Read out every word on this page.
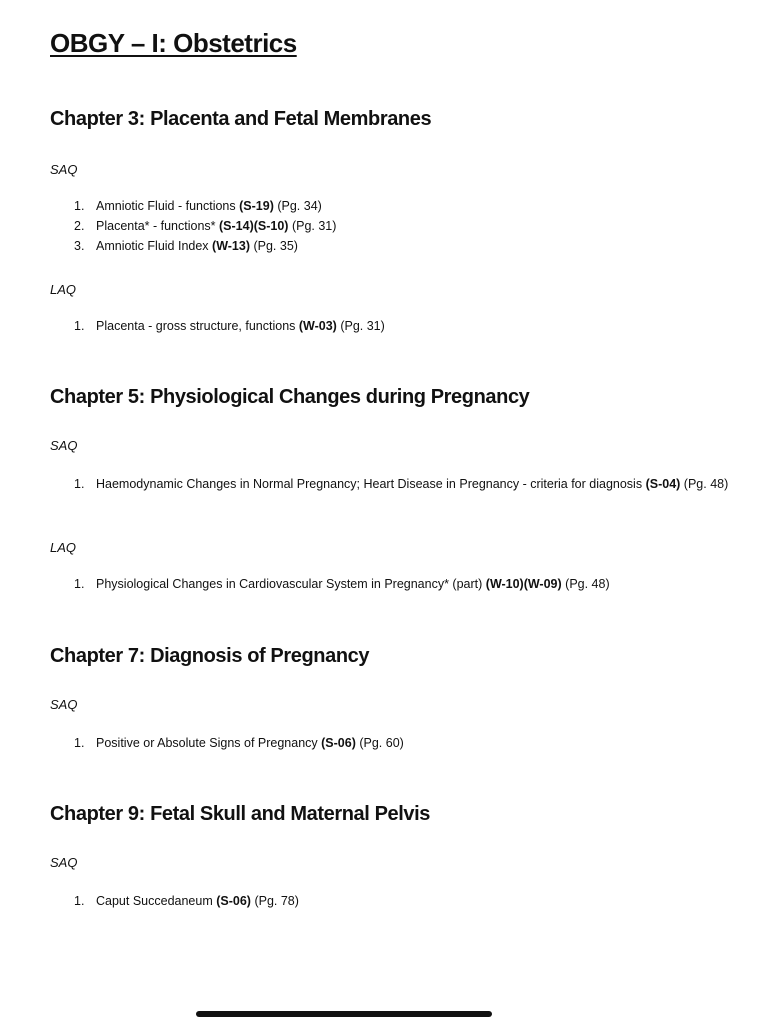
OBGY – I: Obstetrics
Chapter 3: Placenta and Fetal Membranes

SAQ

1. Amniotic Fluid - functions (S-19) (Pg. 34)
2. Placenta* - functions* (S-14)(S-10) (Pg. 31)
3. Amniotic Fluid Index (W-13) (Pg. 35)

LAQ

1. Placenta - gross structure, functions (W-03) (Pg. 31)
Chapter 5: Physiological Changes during Pregnancy

SAQ

1. Haemodynamic Changes in Normal Pregnancy; Heart Disease in Pregnancy - criteria for diagnosis (S-04) (Pg. 48)

LAQ

1. Physiological Changes in Cardiovascular System in Pregnancy* (part) (W-10)(W-09) (Pg. 48)
Chapter 7: Diagnosis of Pregnancy

SAQ

1. Positive or Absolute Signs of Pregnancy (S-06) (Pg. 60)
Chapter 9: Fetal Skull and Maternal Pelvis

SAQ

1. Caput Succedaneum (S-06) (Pg. 78)
